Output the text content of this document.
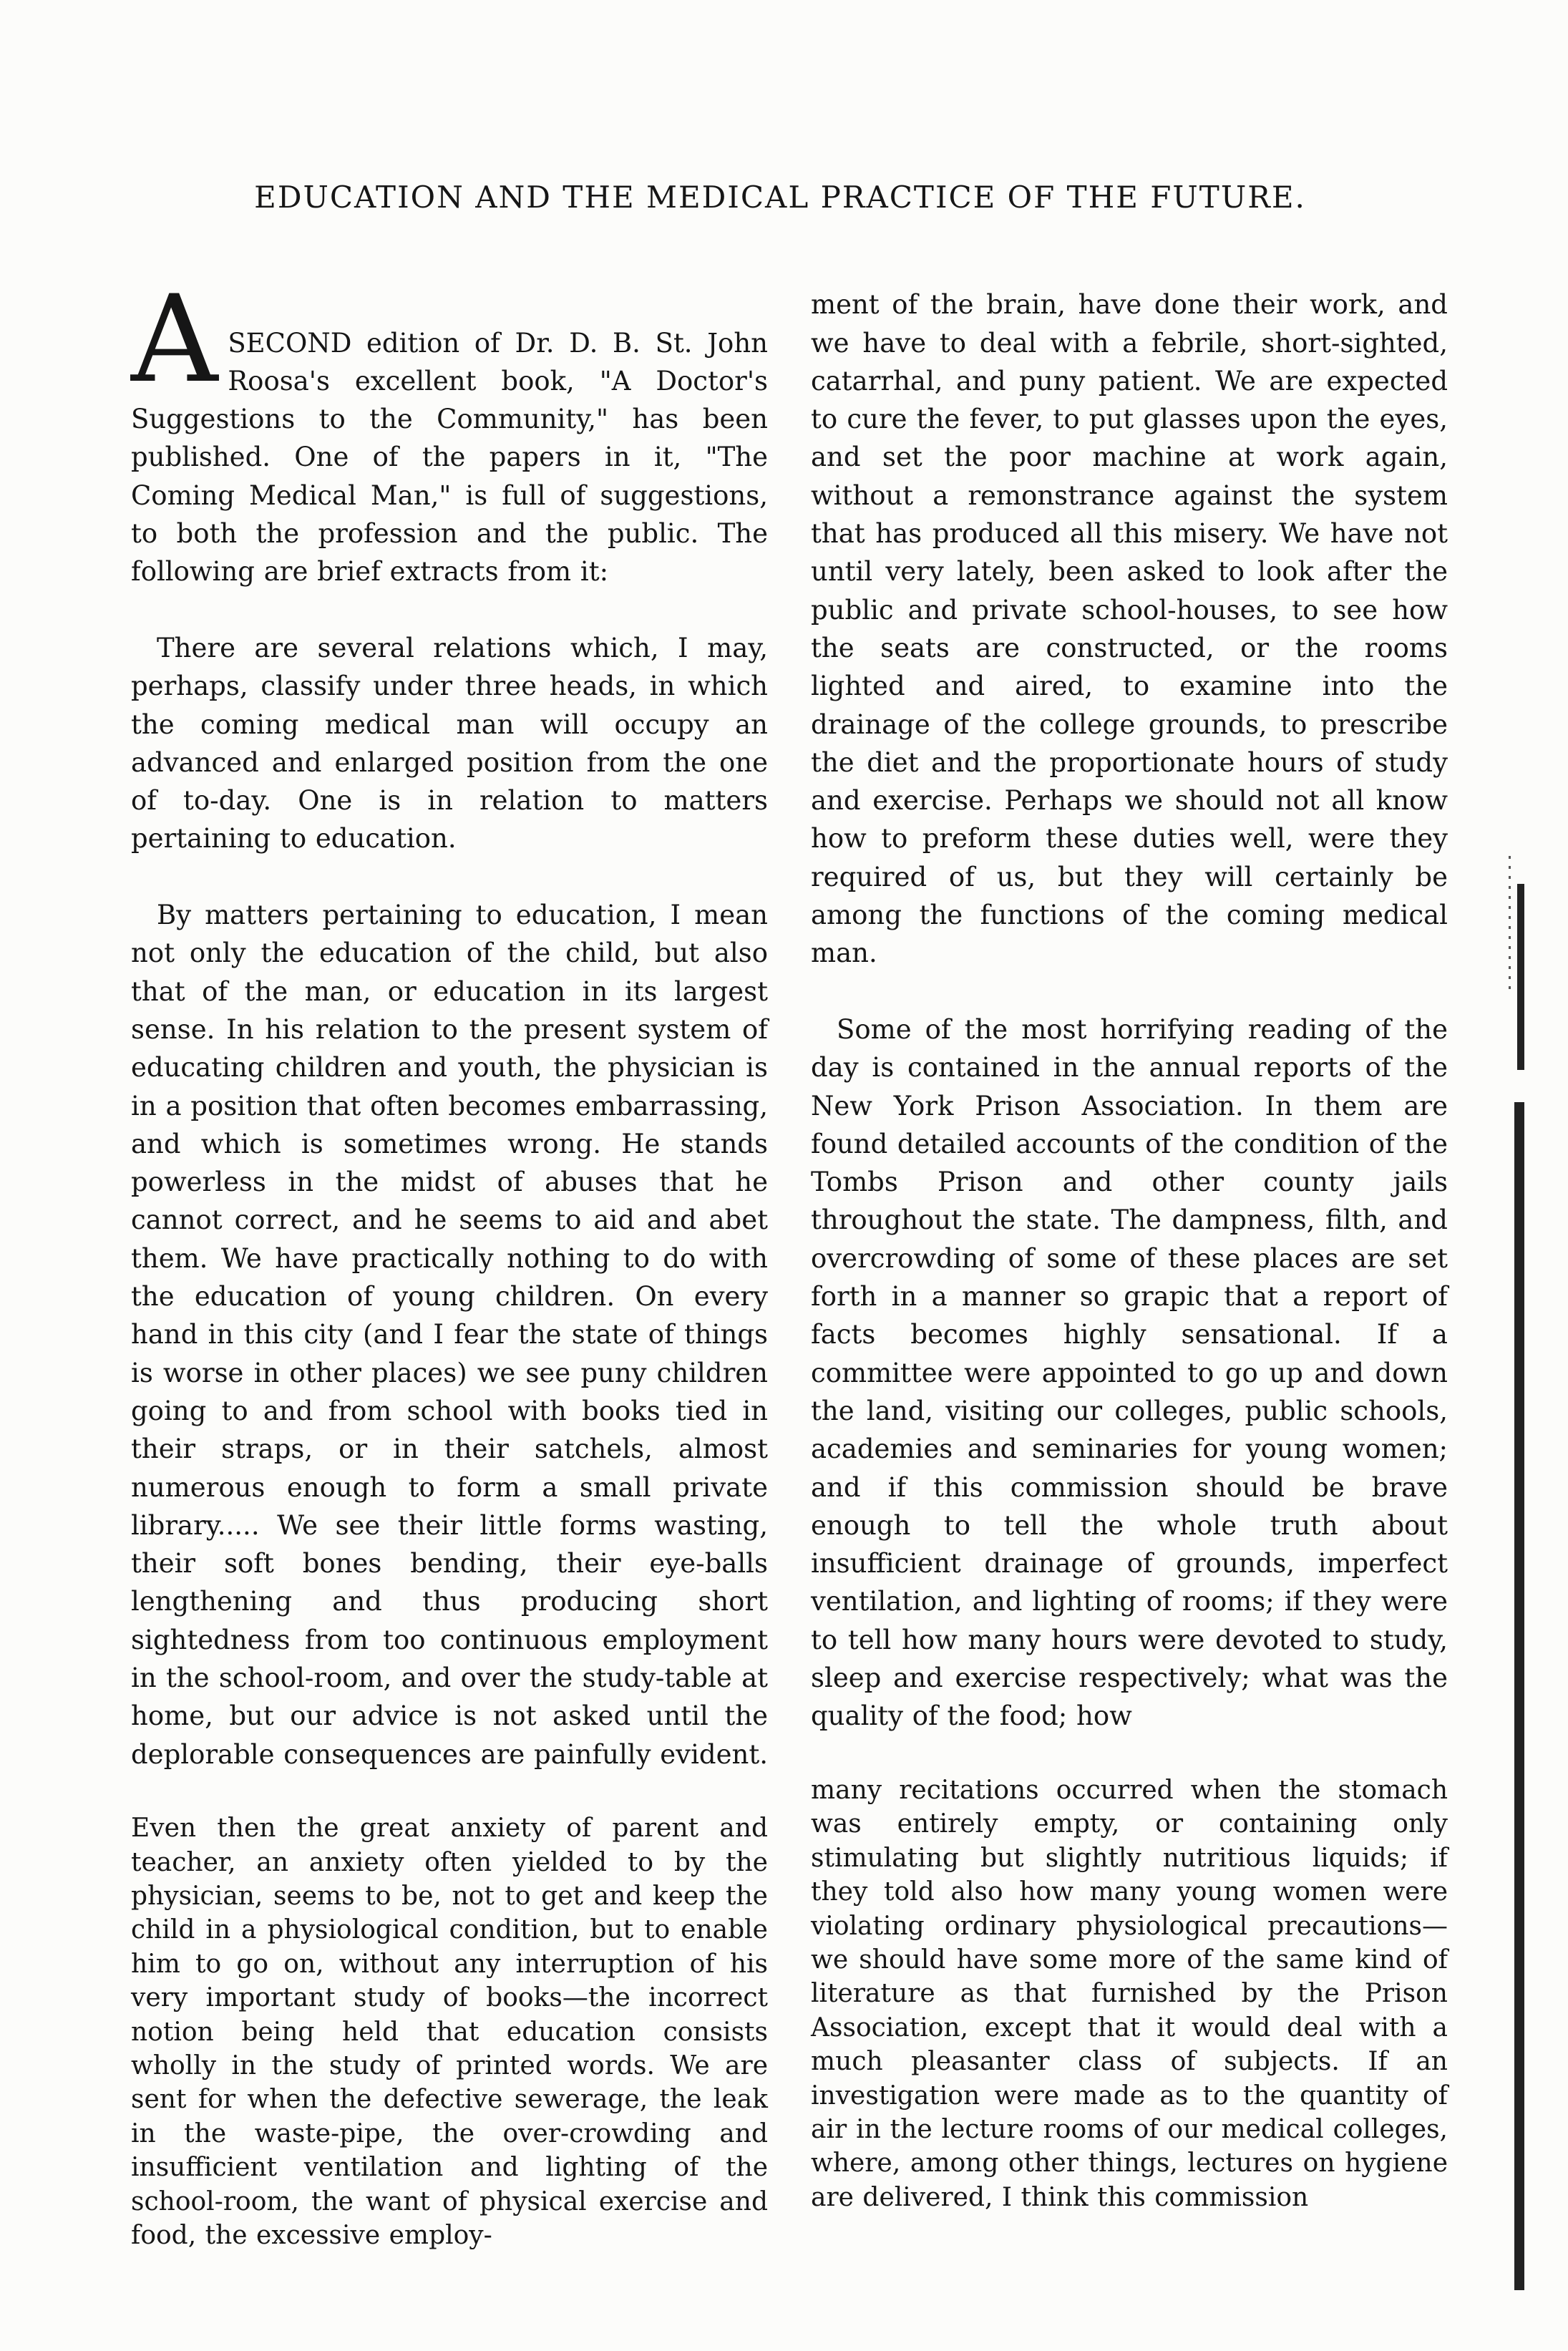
EDUCATION AND THE MEDICAL PRACTICE OF THE FUTURE.

A SECOND edition of Dr. D. B. St. John Roosa's excellent book, "A Doctor's Suggestions to the Community," has been published. One of the papers in it, "The Coming Medical Man," is full of suggestions, to both the profession and the public. The following are brief extracts from it:

There are several relations which, I may, perhaps, classify under three heads, in which the coming medical man will occupy an advanced and enlarged position from the one of to-day. One is in relation to matters pertaining to education.

By matters pertaining to education, I mean not only the education of the child, but also that of the man, or education in its largest sense. In his relation to the present system of educating children and youth, the physician is in a position that often becomes embarrassing, and which is sometimes wrong. He stands powerless in the midst of abuses that he cannot correct, and he seems to aid and abet them. We have practically nothing to do with the education of young children. On every hand in this city (and I fear the state of things is worse in other places) we see puny children going to and from school with books tied in their straps, or in their satchels, almost numerous enough to form a small private library..... We see their little forms wasting, their soft bones bending, their eye-balls lengthening and thus producing short sightedness from too continuous employment in the school-room, and over the study-table at home, but our advice is not asked until the deplorable consequences are painfully evident.

Even then the great anxiety of parent and teacher, an anxiety often yielded to by the physician, seems to be, not to get and keep the child in a physiological condition, but to enable him to go on, without any interruption of his very important study of books—the incorrect notion being held that education consists wholly in the study of printed words. We are sent for when the defective sewerage, the leak in the waste-pipe, the over-crowding and insufficient ventilation and lighting of the school-room, the want of physical exercise and food, the excessive employ-

ment of the brain, have done their work, and we have to deal with a febrile, short-sighted, catarrhal, and puny patient. We are expected to cure the fever, to put glasses upon the eyes, and set the poor machine at work again, without a remonstrance against the system that has produced all this misery. We have not until very lately, been asked to look after the public and private school-houses, to see how the seats are constructed, or the rooms lighted and aired, to examine into the drainage of the college grounds, to prescribe the diet and the proportionate hours of study and exercise. Perhaps we should not all know how to preform these duties well, were they required of us, but they will certainly be among the functions of the coming medical man.

Some of the most horrifying reading of the day is contained in the annual reports of the New York Prison Association. In them are found detailed accounts of the condition of the Tombs Prison and other county jails throughout the state. The dampness, filth, and overcrowding of some of these places are set forth in a manner so grapic that a report of facts becomes highly sensational. If a committee were appointed to go up and down the land, visiting our colleges, public schools, academies and seminaries for young women; and if this commission should be brave enough to tell the whole truth about insufficient drainage of grounds, imperfect ventilation, and lighting of rooms; if they were to tell how many hours were devoted to study, sleep and exercise respectively; what was the quality of the food; how

many recitations occurred when the stomach was entirely empty, or containing only stimulating but slightly nutritious liquids; if they told also how many young women were violating ordinary physiological precautions—we should have some more of the same kind of literature as that furnished by the Prison Association, except that it would deal with a much pleasanter class of subjects. If an investigation were made as to the quantity of air in the lecture rooms of our medical colleges, where, among other things, lectures on hygiene are delivered, I think this commission
